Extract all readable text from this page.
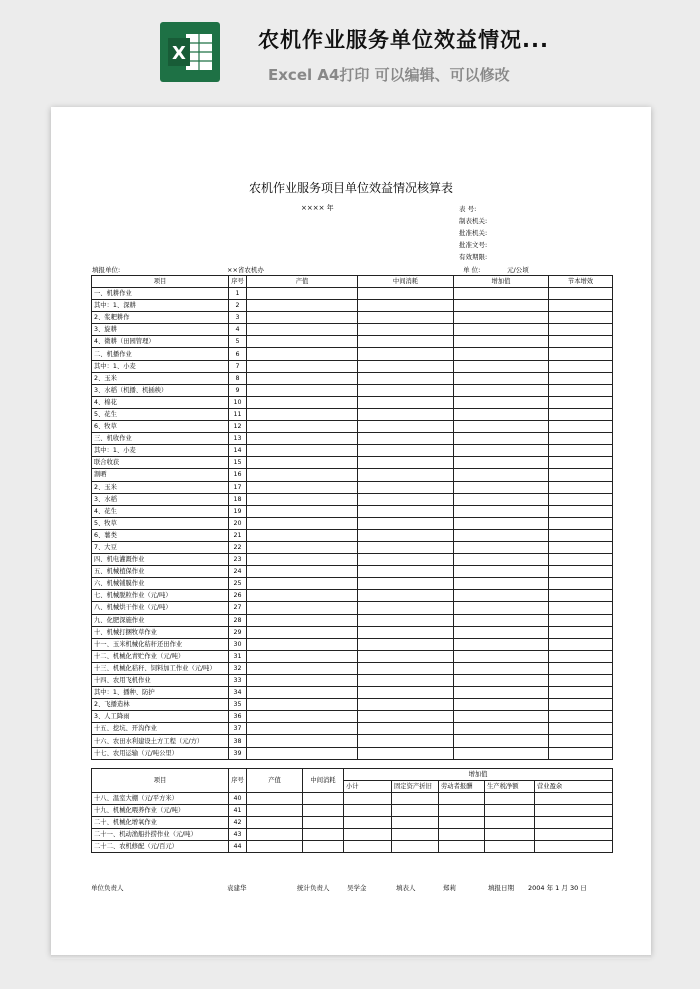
X
农机作业服务单位效益情况...
Excel A4打印 可以编辑、可以修改
农机作业服务项目单位效益情况核算表
×××× 年	表 号:
制表机关:
批准机关:
批准文号:
有效期限:
填报单位:	××省农机办	单 位:	元/公顷
项目	序号	产值	中间消耗	增加值	节本增效
一、机耕作业	1				
其中：1、深耕	2				
2、浆耙耕作	3				
3、旋耕	4				
4、微耕（田园管理）	5				
二、机播作业	6				
其中：1、小麦	7				
2、玉米	8				
3、水稻（机播、机插秧）	9				
4、棉花	10				
5、花生	11				
6、牧草	12				
三、机收作业	13				
其中：1、小麦	14				
联合收获	15				
割晒	16				
2、玉米	17				
3、水稻	18				
4、花生	19				
5、牧草	20				
6、薯类	21				
7、大豆	22				
四、机电灌溉作业	23				
五、机械植保作业	24				
六、机械铺膜作业	25				
七、机械脱粒作业（元/吨）	26				
八、机械烘干作业（元/吨）	27				
九、化肥深施作业	28				
十、机械打捆牧草作业	29				
十一、玉米机械化秸秆还田作业	30				
十二、机械化青贮作业（元/吨）	31				
十三、机械化秸秆、饲料加工作业（元/吨）	32				
十四、农用飞机作业	33				
其中：1、播种、防护	34				
2、飞播造林	35				
3、人工降雨	36				
十五、挖坑、开沟作业	37				
十六、农田水利建设土方工程（元/方）	38				
十七、农用运输（元/吨公里）	39				
项目	序号	产值	中间消耗	增加值				
				小计	固定资产折旧	劳动者报酬	生产税净额	营业盈余
十八、温室大棚（元/平方米）	40							
十九、机械化喂养作业（元/吨）	41							
二十、机械化增氧作业	42							
二十一、机动渔船扑捞作业（元/吨）	43							
二十二、农机修配（元/百元）	44							
单位负责人	袁建华	统计负责人	吴学金	填表人	郑莉	填报日期 2004 年 1 月 30 日
